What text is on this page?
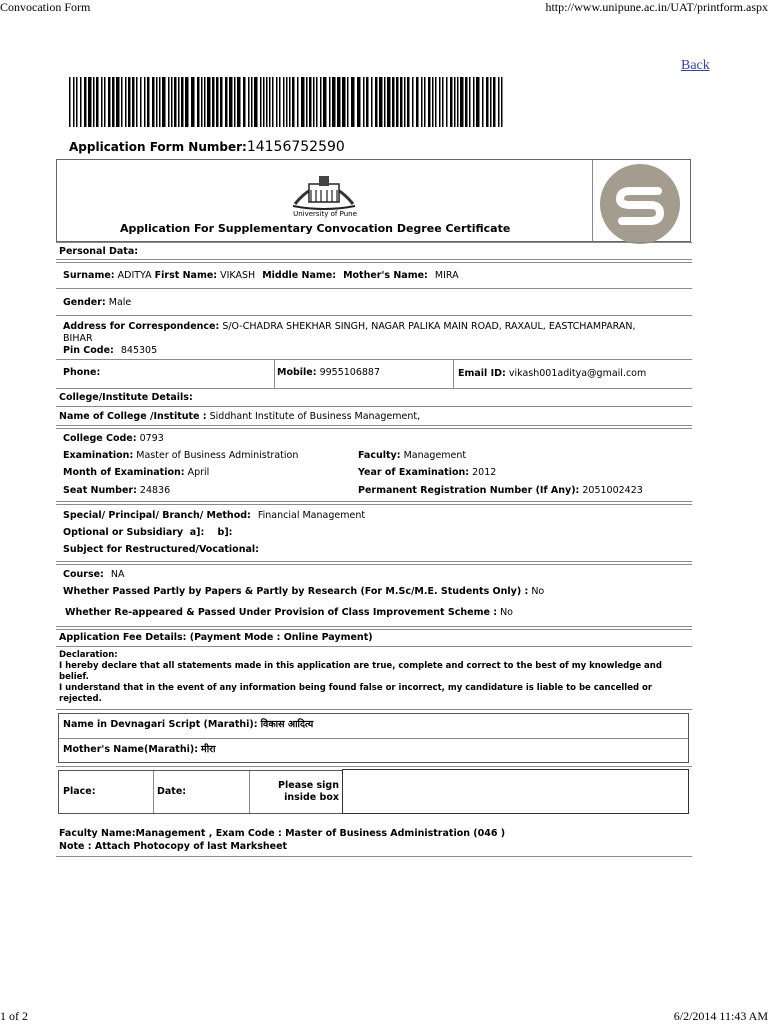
Convocation Form	http://www.unipune.ac.in/UAT/printform.aspx
1 of 2	6/2/2014 11:43 AM
Back
Application Form Number:14156752590
University of Pune
Application For Supplementary Convocation Degree Certificate
Personal Data:
Surname: ADITYA First Name: VIKASH Middle Name: Mother's Name: MIRA
Gender: Male
Address for Correspondence: S/O-CHADRA SHEKHAR SINGH, NAGAR PALIKA MAIN ROAD, RAXAUL, EASTCHAMPARAN,
BIHAR
Pin Code: 845305
Phone:	Mobile: 9955106887	Email ID: vikash001aditya@gmail.com
College/Institute Details:
Name of College /Institute : Siddhant Institute of Business Management,
College Code: 0793
Examination: Master of Business Administration	Faculty: Management
Month of Examination: April	Year of Examination: 2012
Seat Number: 24836	Permanent Registration Number (If Any): 2051002423
Special/ Principal/ Branch/ Method: Financial Management
Optional or Subsidiary  a]:    b]:
Subject for Restructured/Vocational:
Course: NA
Whether Passed Partly by Papers & Partly by Research (For M.Sc/M.E. Students Only) : No
Whether Re-appeared & Passed Under Provision of Class Improvement Scheme : No
Application Fee Details: (Payment Mode : Online Payment)
Declaration:
I hereby declare that all statements made in this application are true, complete and correct to the best of my knowledge and
belief.
I understand that in the event of any information being found false or incorrect, my candidature is liable to be cancelled or
rejected.
Name in Devnagari Script (Marathi): विकास आदित्य
Mother's Name(Marathi): मीरा
Place:	Date:
Please sign
inside box
Faculty Name:Management , Exam Code : Master of Business Administration (046 )
Note : Attach Photocopy of last Marksheet
